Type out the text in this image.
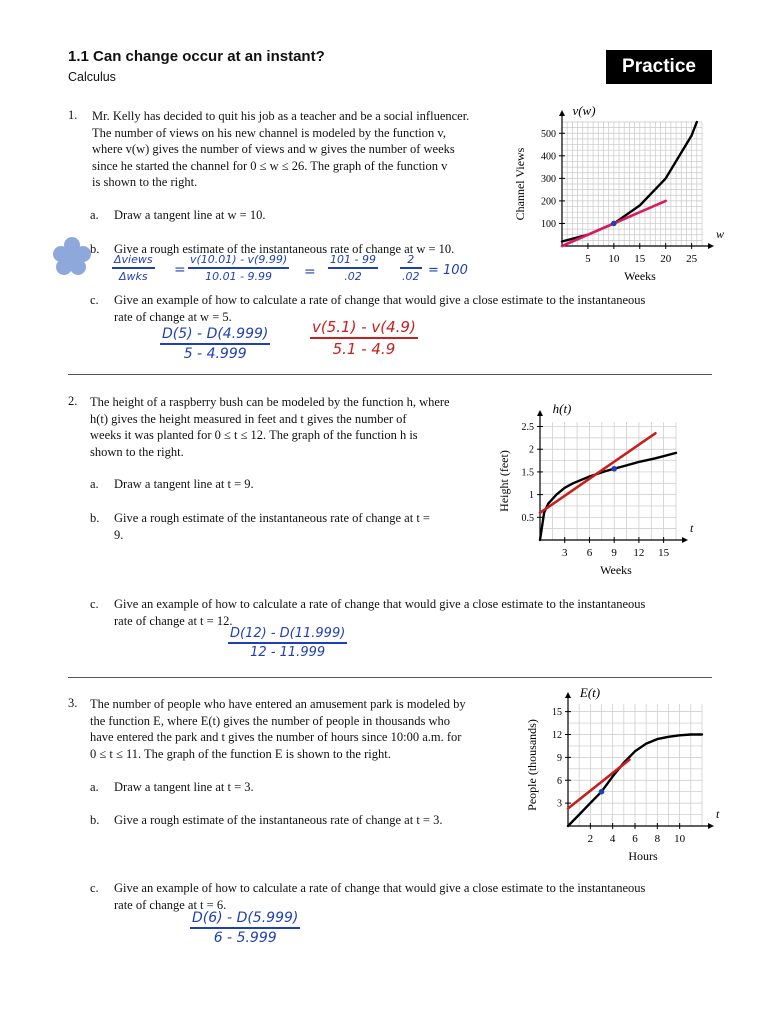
1.1 Can change occur at an instant?
Calculus	Practice
1. Mr. Kelly has decided to quit his job as a teacher and be a social influencer.
The number of views on his new channel is modeled by the function v,
where v(w) gives the number of views and w gives the number of weeks
since he started the channel for 0 ≤ w ≤ 26. The graph of the function v
is shown to the right.
a. Draw a tangent line at w = 10.
b. Give a rough estimate of the instantaneous rate of change at w = 10.
Δviews
Δwks	=
v(10.01) - v(9.99)
10.01 - 9.99	=
101 - 99
.02
2
.02 = 100
c. Give an example of how to calculate a rate of change that would give a close estimate to the instantaneous
rate of change at w = 5.
D(5) - D(4.999)
5 - 4.999
v(5.1) - v(4.9)
5.1 - 4.9
5 10 15 20 25
100
200
300
400
500
v(w)
w
Weeks
Channel Views
2. The height of a raspberry bush can be modeled by the function h, where
h(t) gives the height measured in feet and t gives the number of
weeks it was planted for 0 ≤ t ≤ 12. The graph of the function h is
shown to the right.
a. Draw a tangent line at t = 9.
b. Give a rough estimate of the instantaneous rate of change at t =
9.
c. Give an example of how to calculate a rate of change that would give a close estimate to the instantaneous
rate of change at t = 12.
D(12) - D(11.999)
12 - 11.999
3 6 9 12 15
0.5
1
1.5
2
2.5
h(t)
t
Weeks
Height (feet)
3. The number of people who have entered an amusement park is modeled by
the function E, where E(t) gives the number of people in thousands who
have entered the park and t gives the number of hours since 10:00 a.m. for
0 ≤ t ≤ 11. The graph of the function E is shown to the right.
a. Draw a tangent line at t = 3.
b. Give a rough estimate of the instantaneous rate of change at t = 3.
c. Give an example of how to calculate a rate of change that would give a close estimate to the instantaneous
rate of change at t = 6.
D(6) - D(5.999)
6 - 5.999
2 4 6 8 10
3
6
9
12
15
E(t)
t
Hours
People (thousands)
